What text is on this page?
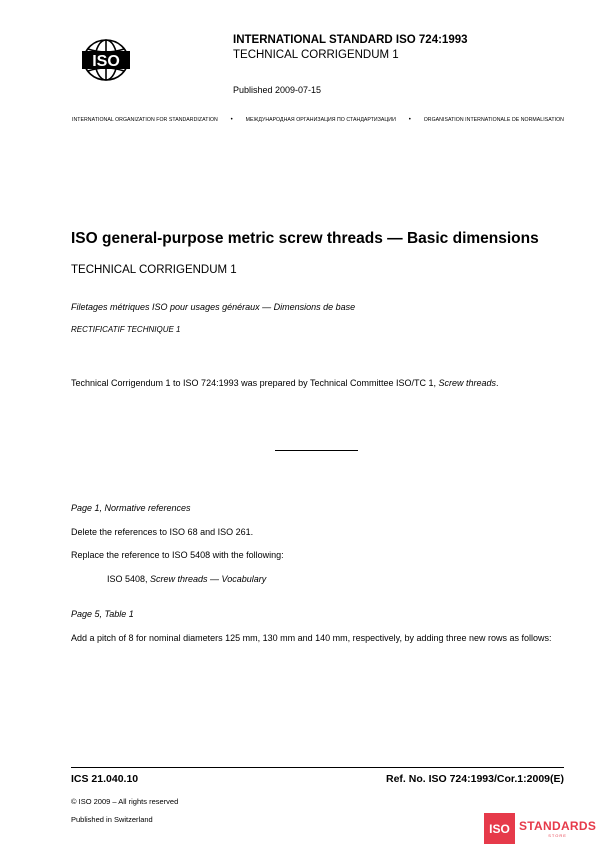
ISO
INTERNATIONAL STANDARD ISO 724:1993
TECHNICAL CORRIGENDUM 1
Published 2009-07-15
INTERNATIONAL ORGANIZATION FOR STANDARDIZATION • МЕЖДУНАРОДНАЯ ОРГАНИЗАЦИЯ ПО СТАНДАРТИЗАЦИИ • ORGANISATION INTERNATIONALE DE NORMALISATION
ISO general-purpose metric screw threads — Basic dimensions
TECHNICAL CORRIGENDUM 1
Filetages métriques ISO pour usages généraux — Dimensions de base
RECTIFICATIF TECHNIQUE 1
Technical Corrigendum 1 to ISO 724:1993 was prepared by Technical Committee ISO/TC 1, Screw threads.
Page 1, Normative references
Delete the references to ISO 68 and ISO 261.
Replace the reference to ISO 5408 with the following:
ISO 5408, Screw threads — Vocabulary
Page 5, Table 1
Add a pitch of 8 for nominal diameters 125 mm, 130 mm and 140 mm, respectively, by adding three new rows as follows:
ICS 21.040.10	Ref. No. ISO 724:1993/Cor.1:2009(E)
© ISO 2009 – All rights reserved
Published in Switzerland
ISO STANDARDS
STORE
